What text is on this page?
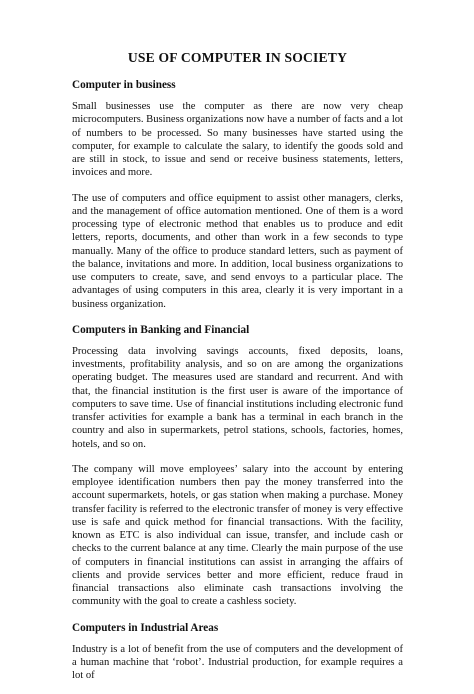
USE OF COMPUTER IN SOCIETY
Computer in business

Small businesses use the computer as there are now very cheap microcomputers. Business organizations now have a number of facts and a lot of numbers to be processed. So many businesses have started using the computer, for example to calculate the salary, to identify the goods sold and are still in stock, to issue and send or receive business statements, letters, invoices and more.

The use of computers and office equipment to assist other managers, clerks, and the management of office automation mentioned. One of them is a word processing type of electronic method that enables us to produce and edit letters, reports, documents, and other than work in a few seconds to type manually. Many of the office to produce standard letters, such as payment of the balance, invitations and more. In addition, local business organizations to use computers to create, save, and send envoys to a particular place. The advantages of using computers in this area, clearly it is very important in a business organization.

Computers in Banking and Financial

Processing data involving savings accounts, fixed deposits, loans, investments, profitability analysis, and so on are among the organizations operating budget. The measures used are standard and recurrent. And with that, the financial institution is the first user is aware of the importance of computers to save time. Use of financial institutions including electronic fund transfer activities for example a bank has a terminal in each branch in the country and also in supermarkets, petrol stations, schools, factories, homes, hotels, and so on.

The company will move employees’ salary into the account by entering employee identification numbers then pay the money transferred into the account supermarkets, hotels, or gas station when making a purchase. Money transfer facility is referred to the electronic transfer of money is very effective use is safe and quick method for financial transactions. With the facility, known as ETC is also individual can issue, transfer, and include cash or checks to the current balance at any time. Clearly the main purpose of the use of computers in financial institutions can assist in arranging the affairs of clients and provide services better and more efficient, reduce fraud in financial transactions also eliminate cash transactions involving the community with the goal to create a cashless society.

Computers in Industrial Areas

Industry is a lot of benefit from the use of computers and the development of a human machine that ‘robot’. Industrial production, for example requires a lot of
